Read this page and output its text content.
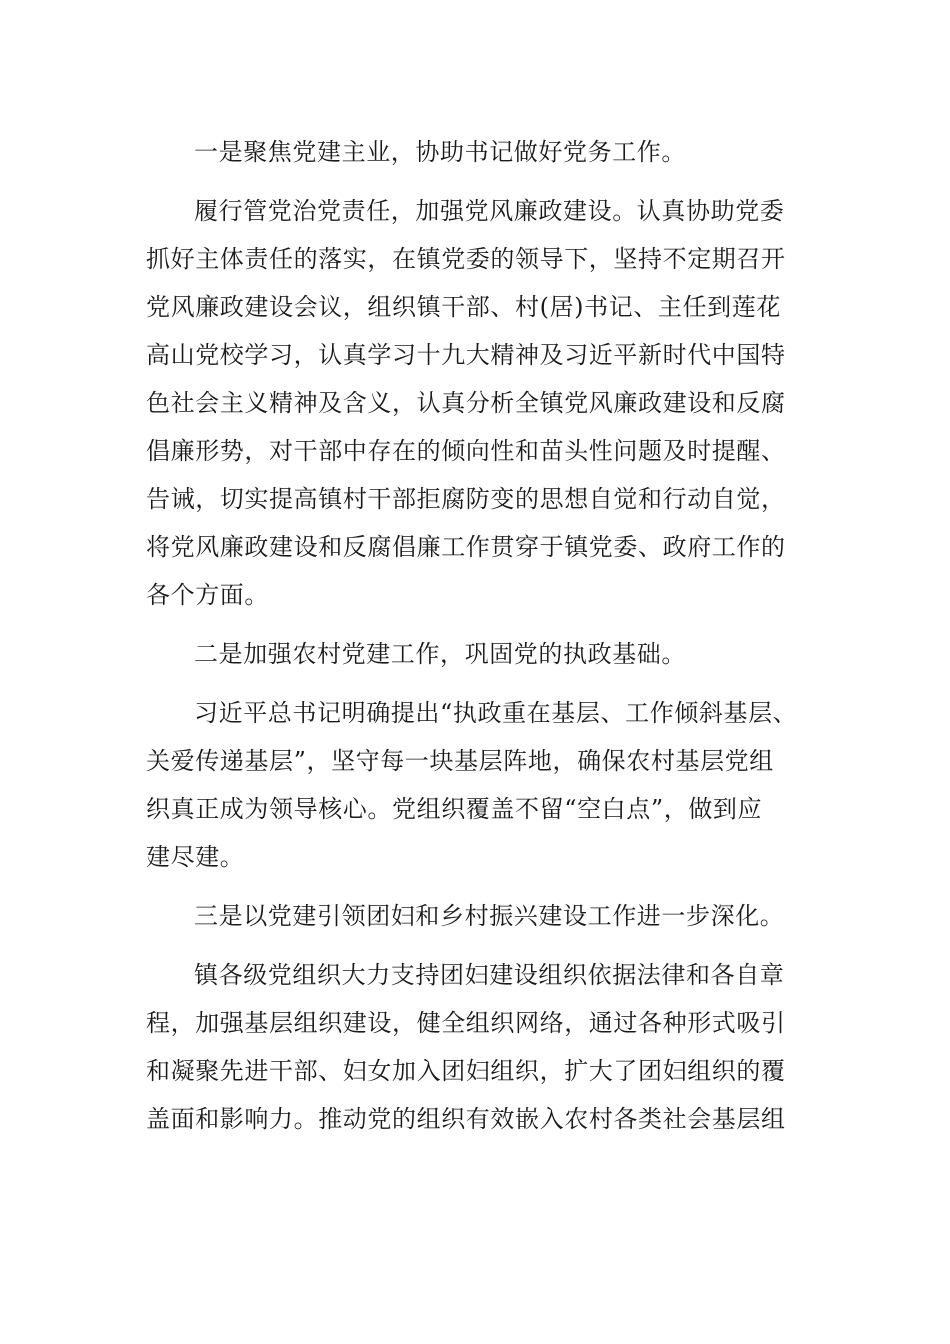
一是聚焦党建主业，协助书记做好党务工作。

履行管党治党责任，加强党风廉政建设。认真协助党委
抓好主体责任的落实，在镇党委的领导下，坚持不定期召开
党风廉政建设会议，组织镇干部、村(居)书记、主任到莲花
高山党校学习，认真学习十九大精神及习近平新时代中国特
色社会主义精神及含义，认真分析全镇党风廉政建设和反腐
倡廉形势，对干部中存在的倾向性和苗头性问题及时提醒、
告诫，切实提高镇村干部拒腐防变的思想自觉和行动自觉，
将党风廉政建设和反腐倡廉工作贯穿于镇党委、政府工作的
各个方面。

二是加强农村党建工作，巩固党的执政基础。

习近平总书记明确提出“执政重在基层、工作倾斜基层、
关爱传递基层”，坚守每一块基层阵地，确保农村基层党组
织真正成为领导核心。党组织覆盖不留“空白点”，做到应
建尽建。

三是以党建引领团妇和乡村振兴建设工作进一步深化。

镇各级党组织大力支持团妇建设组织依据法律和各自章
程，加强基层组织建设，健全组织网络，通过各种形式吸引
和凝聚先进干部、妇女加入团妇组织，扩大了团妇组织的覆
盖面和影响力。推动党的组织有效嵌入农村各类社会基层组
